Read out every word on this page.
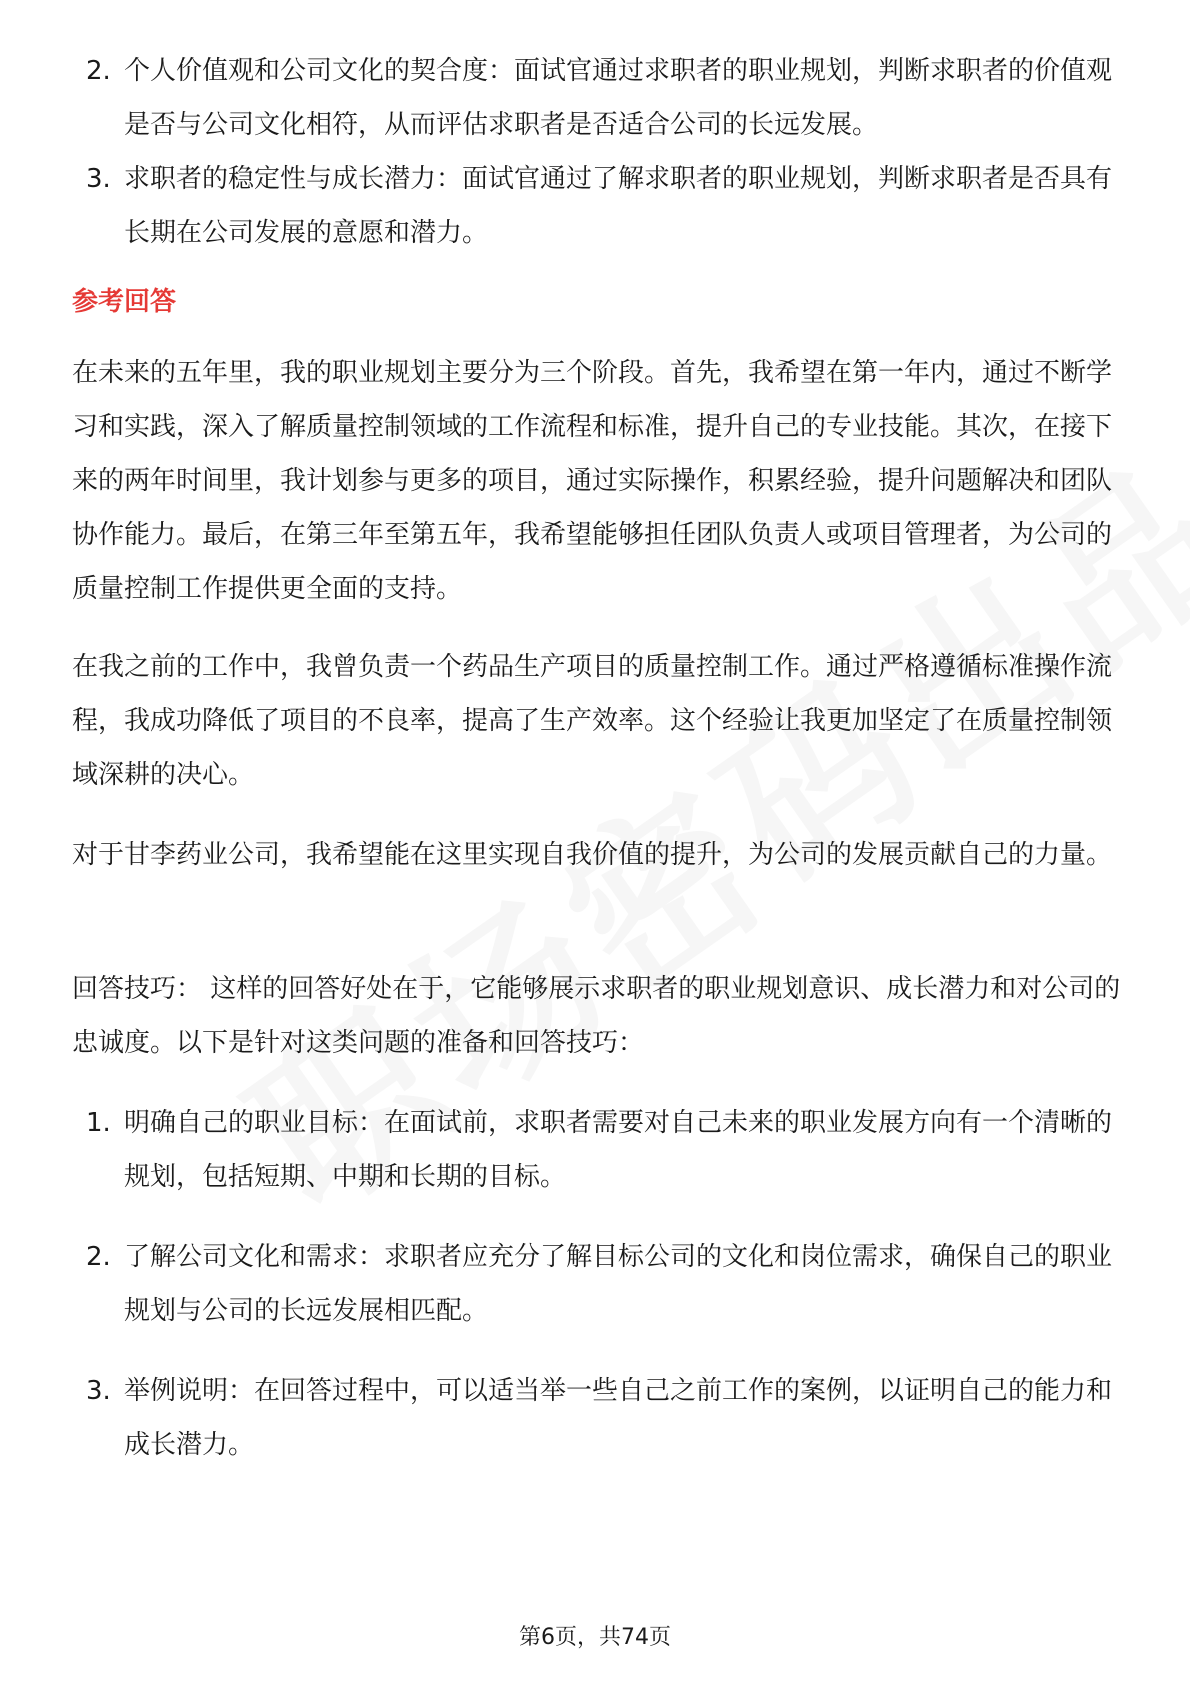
2. 个人价值观和公司文化的契合度：面试官通过求职者的职业规划，判断求职者的价值观是否与公司文化相符，从而评估求职者是否适合公司的长远发展。
3. 求职者的稳定性与成长潜力：面试官通过了解求职者的职业规划，判断求职者是否具有长期在公司发展的意愿和潜力。
参考回答

在未来的五年里，我的职业规划主要分为三个阶段。首先，我希望在第一年内，通过不断学习和实践，深入了解质量控制领域的工作流程和标准，提升自己的专业技能。其次，在接下来的两年时间里，我计划参与更多的项目，通过实际操作，积累经验，提升问题解决和团队协作能力。最后，在第三年至第五年，我希望能够担任团队负责人或项目管理者，为公司的质量控制工作提供更全面的支持。

在我之前的工作中，我曾负责一个药品生产项目的质量控制工作。通过严格遵循标准操作流程，我成功降低了项目的不良率，提高了生产效率。这个经验让我更加坚定了在质量控制领域深耕的决心。

对于甘李药业公司，我希望能在这里实现自我价值的提升，为公司的发展贡献自己的力量。

回答技巧： 这样的回答好处在于，它能够展示求职者的职业规划意识、成长潜力和对公司的忠诚度。以下是针对这类问题的准备和回答技巧：

1. 明确自己的职业目标：在面试前，求职者需要对自己未来的职业发展方向有一个清晰的规划，包括短期、中期和长期的目标。
2. 了解公司文化和需求：求职者应充分了解目标公司的文化和岗位需求，确保自己的职业规划与公司的长远发展相匹配。
3. 举例说明：在回答过程中，可以适当举一些自己之前工作的案例，以证明自己的能力和成长潜力。
第6页，共74页
